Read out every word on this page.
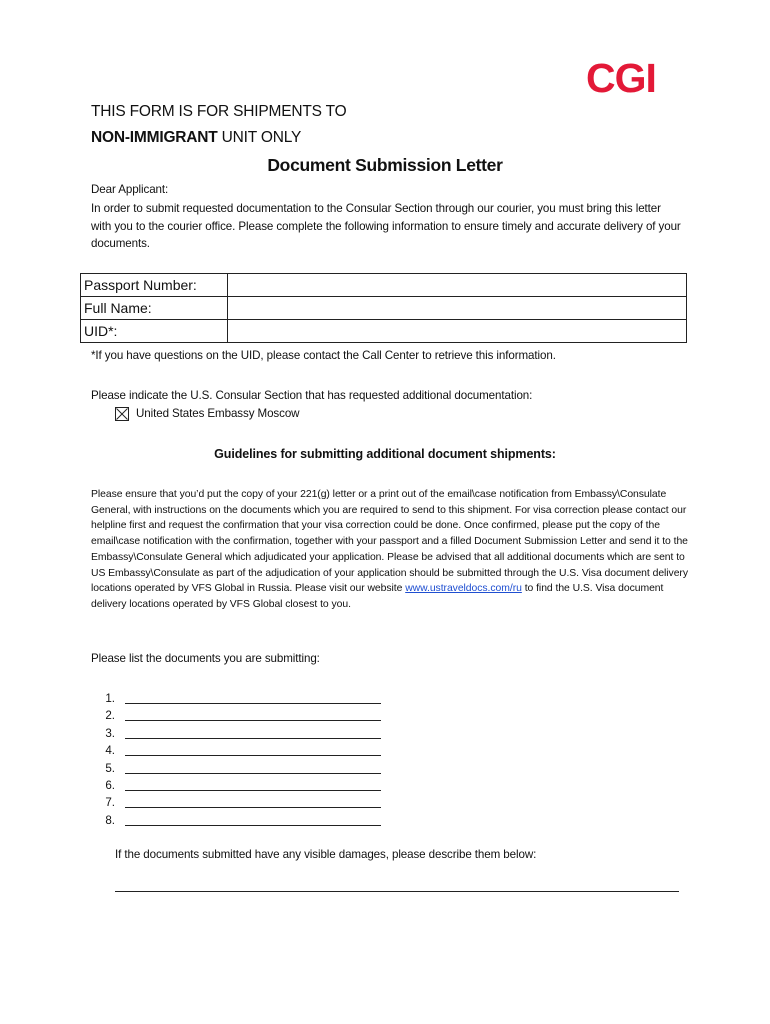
CGI
THIS FORM IS FOR SHIPMENTS TO
NON-IMMIGRANT UNIT ONLY
Document Submission Letter
Dear Applicant:
In order to submit requested documentation to the Consular Section through our courier, you must bring this letter with you to the courier office. Please complete the following information to ensure timely and accurate delivery of your documents.
Passport Number:	
Full Name:	
UID*:	
*If you have questions on the UID, please contact the Call Center to retrieve this information.
Please indicate the U.S. Consular Section that has requested additional documentation:
United States Embassy Moscow
Guidelines for submitting additional document shipments:
Please ensure that you’d put the copy of your 221(g) letter or a print out of the email\case notification from Embassy\Consulate General, with instructions on the documents which you are required to send to this shipment. For visa correction please contact our helpline first and request the confirmation that your visa correction could be done. Once confirmed, please put the copy of the email\case notification with the confirmation, together with your passport and a filled Document Submission Letter and send it to the Embassy\Consulate General which adjudicated your application. Please be advised that all additional documents which are sent to US Embassy\Consulate as part of the adjudication of your application should be submitted through the U.S. Visa document delivery locations operated by VFS Global in Russia. Please visit our website www.ustraveldocs.com/ru to find the U.S. Visa document delivery locations operated by VFS Global closest to you.
Please list the documents you are submitting:
1.
2.
3.
4.
5.
6.
7.
8.
If the documents submitted have any visible damages, please describe them below:
